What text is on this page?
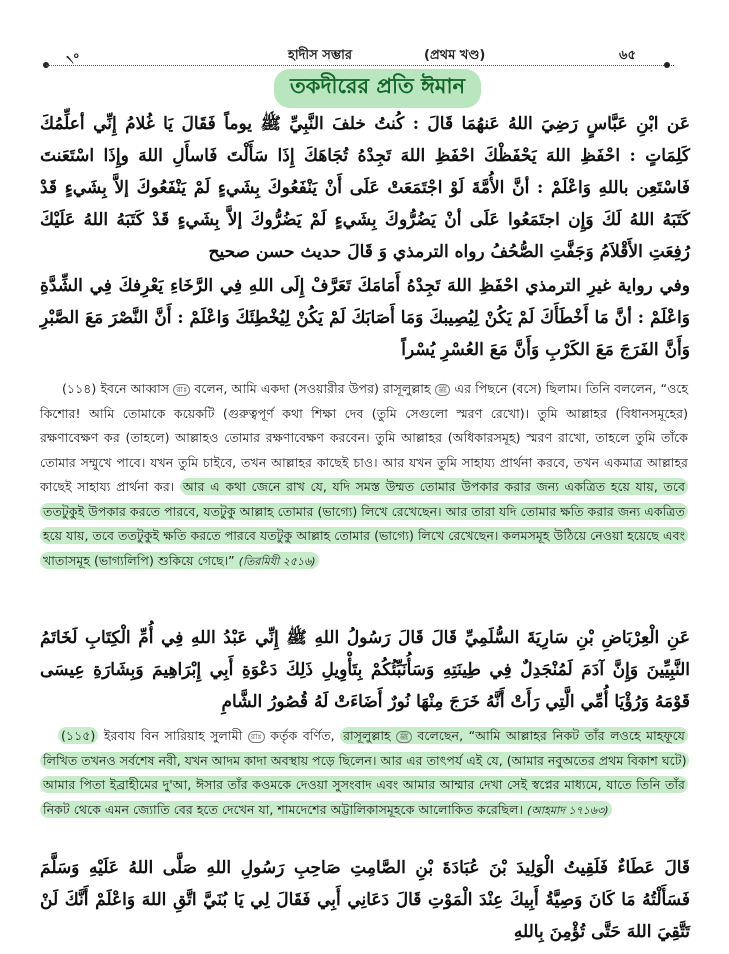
৲৹	হাদীস সম্ভার	(প্রথম খণ্ড)	৬৫
তকদীরের প্রতি ঈমান
عَن ابْنِ عَبَّاسٍ رَضِيَ اللهُ عَنهُمَا قَالَ : كُنتُ خلفَ النَّبِيِّ ﷺ يوماً فَقَالَ يَا غُلامُ إِنِّي أعلِّمُكَ كَلِمَاتٍ : احْفَظِ اللهَ يَحْفَظْكَ احْفَظِ اللهَ تَجِدْهُ تُجَاهَكَ إِذَا سَأَلْتَ فَاسأَلِ اللهَ وإِذَا اسْتَعَنتَ فَاسْتَعِن باللهِ وَاعْلَمْ : أنَّ الأُمَّةَ لَوْ اجْتَمَعَتْ عَلَى أَنْ يَنْفَعُوكَ بِشَيءٍ لَمْ يَنْفَعُوكَ إلاَّ بِشَيءٍ قَدْ كَتَبَهُ اللهُ لَكَ وَإِن اجتَمَعُوا عَلَى أنْ يَضُرُّوكَ بِشَيءٍ لَمْ يَضُرُّوكَ إلاَّ بِشَيءٍ قَدْ كَتَبَهُ اللهُ عَلَيْكَ رُفِعَتِ الأَقْلاَمُ وَجَفَّتِ الصُّحُفُ رواه الترمذي وَ قَالَ حديث حسن صحيح
وفي رواية غيرِ الترمذي احْفَظِ اللهَ تَجِدْهُ أَمَامَكَ تَعَرَّفْ إِلَى اللهِ فِي الرَّخَاءِ يَعْرِفكَ فِي الشِّدَّةِ وَاعْلَمْ : أنَّ مَا أَخْطَأَكَ لَمْ يَكُنْ لِيُصِيبكَ وَمَا أَصَابَكَ لَمْ يَكُنْ لِيُخْطِئَكَ وَاعْلَمْ : أَنَّ النَّصْرَ مَعَ الصَّبْرِ وَأَنَّ الفَرَجَ مَعَ الكَرْبِ وَأَنَّ مَعَ العُسْرِ يُسْراً
(১১৪) ইবনে আব্বাস রাঃ বলেন, আমি একদা (সওয়ারীর উপর) রাসূলুল্লাহ ﷺ এর পিছনে (বসে) ছিলাম। তিনি বললেন, “ওহে কিশোর! আমি তোমাকে কয়েকটি (গুরুত্বপূর্ণ কথা শিক্ষা দেব (তুমি সেগুলো স্মরণ রেখো)। তুমি আল্লাহর (বিধানসমূহের) রক্ষণাবেক্ষণ কর (তাহলে) আল্লাহও তোমার রক্ষণাবেক্ষণ করবেন। তুমি আল্লাহর (অধিকারসমূহ) স্মরণ রাখো, তাহলে তুমি তাঁকে তোমার সম্মুখে পাবে। যখন তুমি চাইবে, তখন আল্লাহর কাছেই চাও। আর যখন তুমি সাহায্য প্রার্থনা করবে, তখন একমাত্র আল্লাহর কাছেই সাহায্য প্রার্থনা কর। আর এ কথা জেনে রাখ যে, যদি সমস্ত উম্মত তোমার উপকার করার জন্য একত্রিত হয়ে যায়, তবে ততটুকুই উপকার করতে পারবে, যতটুকু আল্লাহ তোমার (ভাগ্যে) লিখে রেখেছেন। আর তারা যদি তোমার ক্ষতি করার জন্য একত্রিত হয়ে যায়, তবে ততটুকুই ক্ষতি করতে পারবে যতটুকু আল্লাহ তোমার (ভাগ্যে) লিখে রেখেছেন। কলমসমূহ উঠিয়ে নেওয়া হয়েছে এবং খাতাসমূহ (ভাগ্যলিপি) শুকিয়ে গেছে।” (তিরমিযী ২৫১৬)
عَنِ الْعِرْبَاضِ بْنِ سَارِيَةَ السُّلَمِيِّ قَالَ قَالَ رَسُولُ اللهِ ﷺ إِنِّي عَبْدُ اللهِ فِي أُمِّ الْكِتَابِ لَخَاتَمُ النَّبِيِّينَ وَإِنَّ آدَمَ لَمُنْجَدِلٌ فِي طِينَتِهِ وَسَأُنَبِّئُكُمْ بِتَأْوِيلِ ذَلِكَ دَعْوَةِ أَبِي إِبْرَاهِيمَ وَبِشَارَةِ عِيسَى قَوْمَهُ وَرُؤْيَا أُمِّي الَّتِي رَأَتْ أَنَّهُ خَرَجَ مِنْهَا نُورٌ أَضَاءَتْ لَهُ قُصُورُ الشَّامِ
(১১৫) ইরবায বিন সারিয়াহ সুলামী রাঃ কর্তৃক বর্ণিত, রাসূলুল্লাহ ﷺ বলেছেন, “আমি আল্লাহর নিকট তাঁর লওহে মাহফূযে লিখিত তখনও সর্বশেষ নবী, যখন আদম কাদা অবস্থায় পড়ে ছিলেন। আর এর তাৎপর্য এই যে, (আমার নবুঅতের প্রথম বিকাশ ঘটে) আমার পিতা ইব্রাহীমের দু'আ, ঈসার তাঁর কওমকে দেওয়া সুসংবাদ এবং আমার আম্মার দেখা সেই স্বপ্নের মাধ্যমে, যাতে তিনি তাঁর নিকট থেকে এমন জ্যোতি বের হতে দেখেন যা, শামদেশের অট্টালিকাসমূহকে আলোকিত করেছিল। (আহমাদ ১৭১৬৩)
قَالَ عَطَاءٌ فَلَقِيتُ الْوَلِيدَ بْنَ عُبَادَةَ بْنِ الصَّامِتِ صَاحِبِ رَسُولِ اللهِ صَلَّى اللهُ عَلَيْهِ وَسَلَّمَ فَسَأَلْتُهُ مَا كَانَ وَصِيَّةُ أَبِيكَ عِنْدَ الْمَوْتِ قَالَ دَعَانِي أَبِي فَقَالَ لِي يَا بُنَيَّ اتَّقِ اللهَ وَاعْلَمْ أَنَّكَ لَنْ تَتَّقِيَ اللهَ حَتَّى تُؤْمِنَ بِاللهِ
